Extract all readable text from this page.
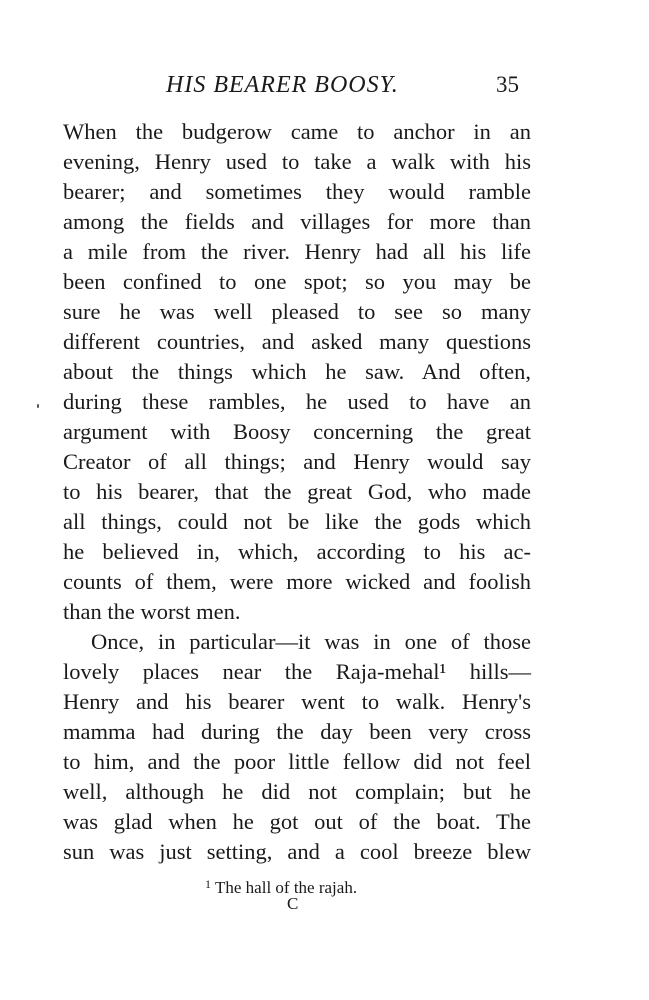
HIS BEARER BOOSY.	35
When the budgerow came to anchor in an
evening, Henry used to take a walk with his
bearer; and sometimes they would ramble
among the fields and villages for more than
a mile from the river. Henry had all his life
been confined to one spot; so you may be
sure he was well pleased to see so many
different countries, and asked many questions
about the things which he saw. And often,
during these rambles, he used to have an
argument with Boosy concerning the great
Creator of all things; and Henry would say
to his bearer, that the great God, who made
all things, could not be like the gods which
he believed in, which, according to his ac-
counts of them, were more wicked and foolish
than the worst men.
Once, in particular—it was in one of those
lovely places near the Raja-mehal¹ hills—
Henry and his bearer went to walk. Henry's
mamma had during the day been very cross
to him, and the poor little fellow did not feel
well, although he did not complain; but he
was glad when he got out of the boat. The
sun was just setting, and a cool breeze blew
$^1$ The hall of the rajah.
C
